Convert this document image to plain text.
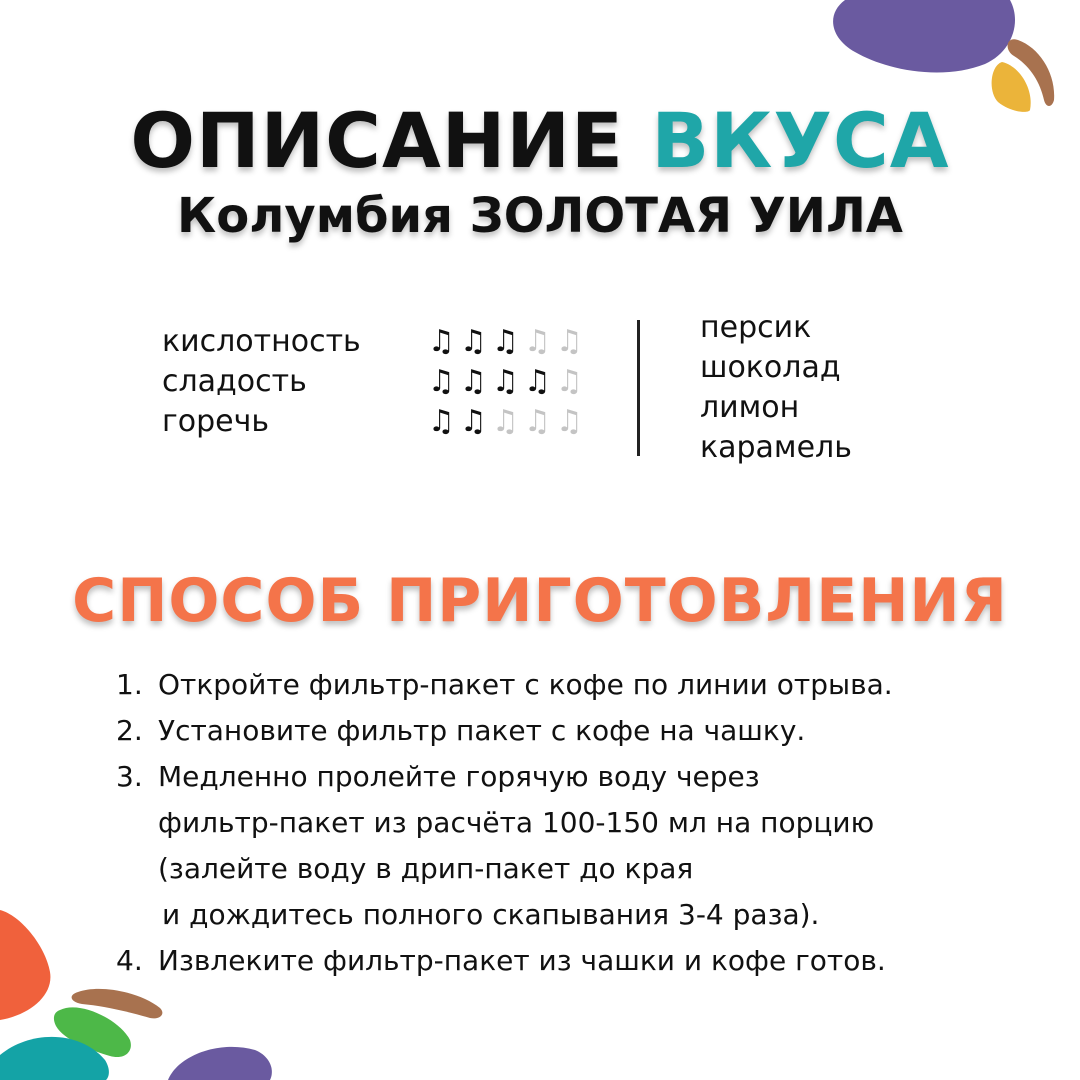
ОПИСАНИЕ ВКУСА
Колумбия ЗОЛОТАЯ УИЛА
кислотность ♫ ♫ ♫ ♫ ♫
сладость	♫ ♫ ♫ ♫ ♫
горечь	♫ ♫ ♫ ♫ ♫
персик
шоколад
лимон
карамель
СПОСОБ ПРИГОТОВЛЕНИЯ
1. Откройте фильтр-пакет с кофе по линии отрыва.
2. Установите фильтр пакет с кофе на чашку.
3. Медленно пролейте горячую воду через
фильтр-пакет из расчёта 100-150 мл на порцию
(залейте воду в дрип-пакет до края
и дождитесь полного скапывания 3-4 раза).
4. Извлеките фильтр-пакет из чашки и кофе готов.
